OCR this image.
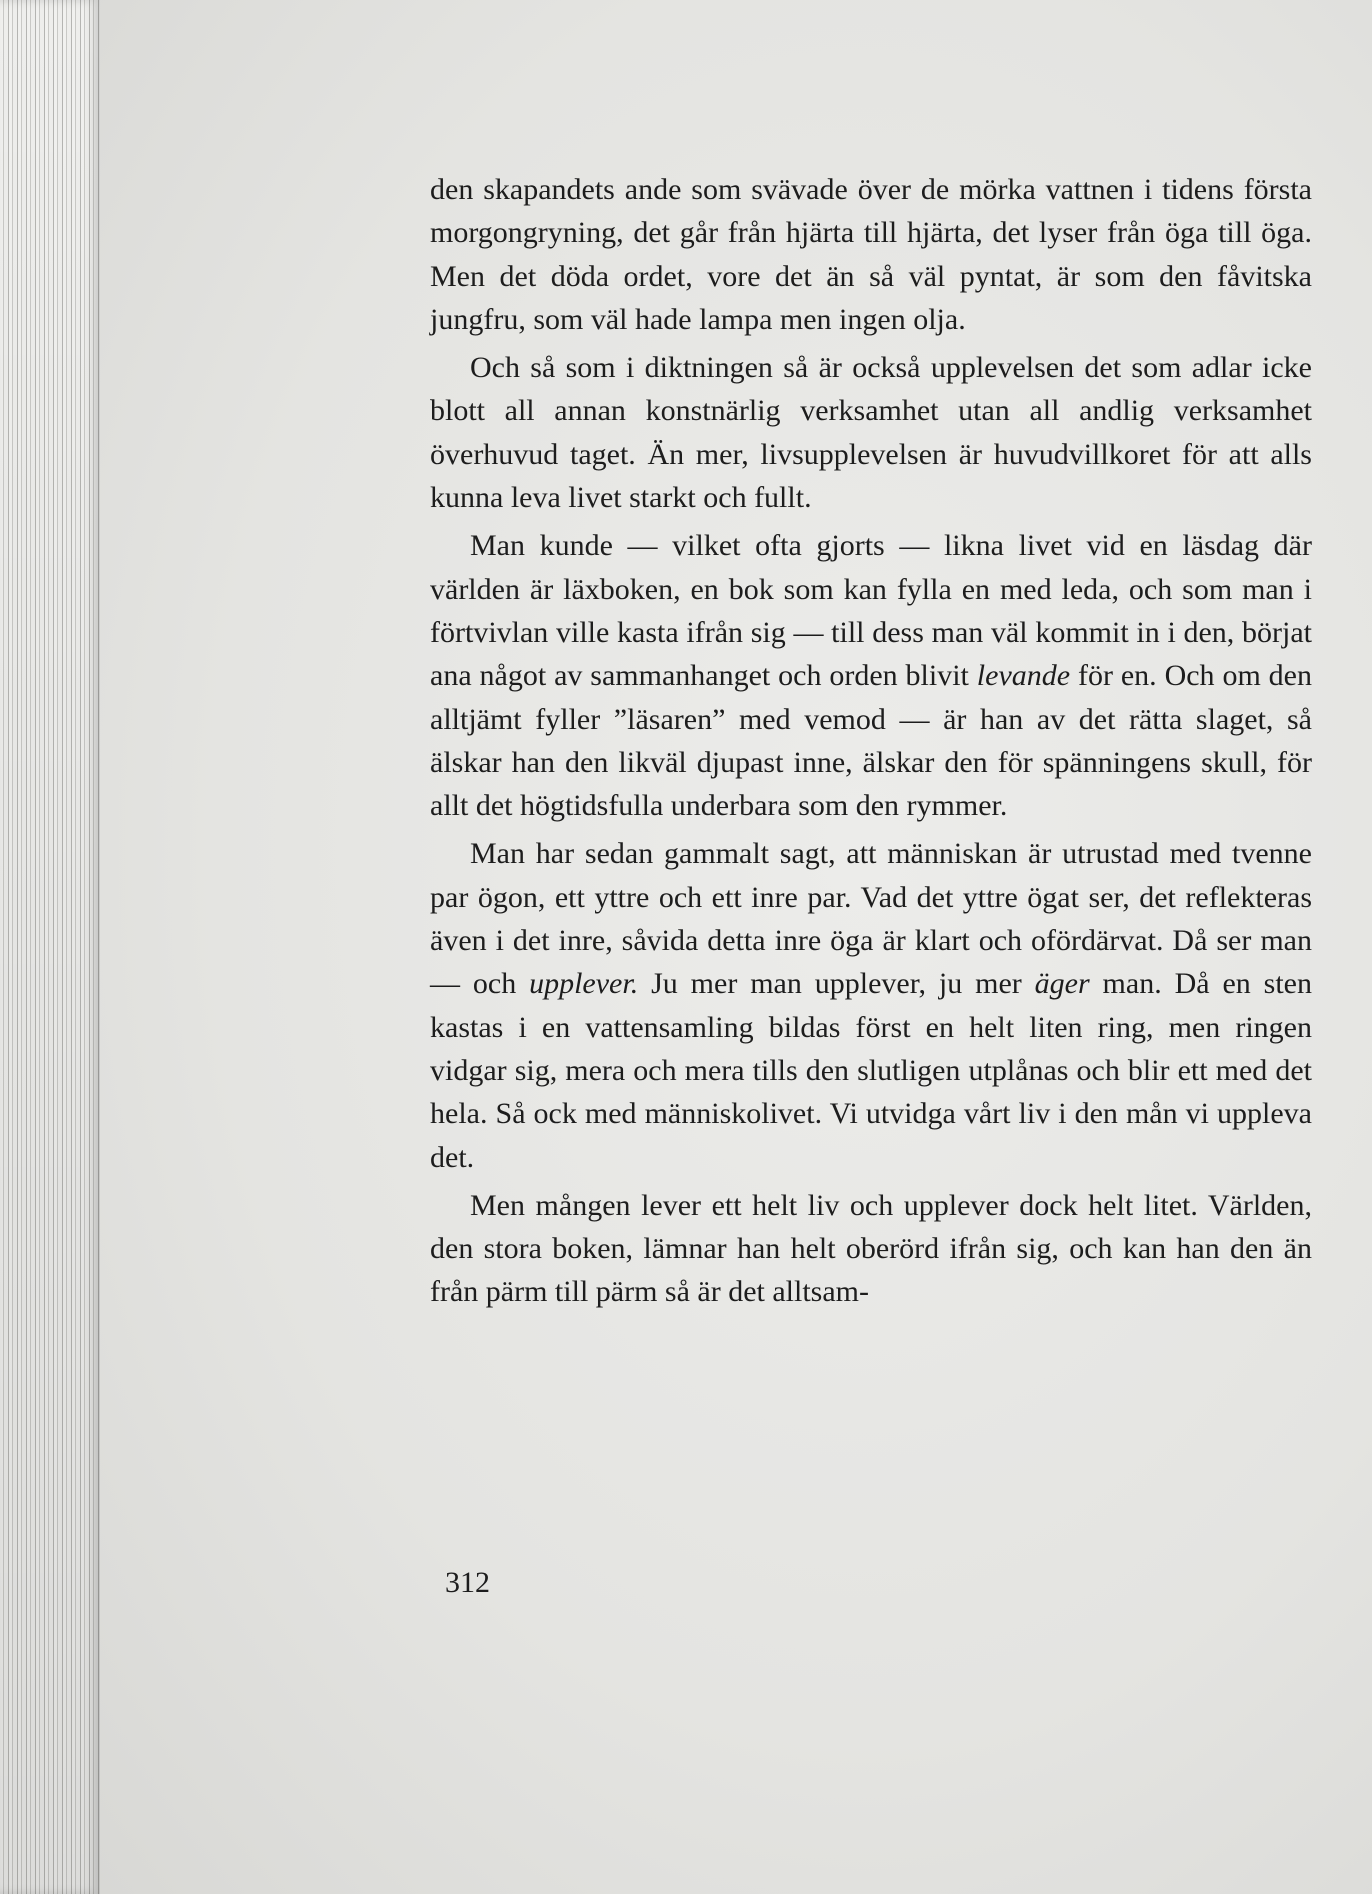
den skapandets ande som svävade över de mörka vattnen i tidens första morgongryning, det går från hjärta till hjärta, det lyser från öga till öga. Men det döda ordet, vore det än så väl pyntat, är som den fåvitska jungfru, som väl hade lampa men ingen olja.

Och så som i diktningen så är också upplevelsen det som adlar icke blott all annan konstnärlig verksamhet utan all andlig verksamhet överhuvud taget. Än mer, livsupplevelsen är huvudvillkoret för att alls kunna leva livet starkt och fullt.

Man kunde — vilket ofta gjorts — likna livet vid en läsdag där världen är läxboken, en bok som kan fylla en med leda, och som man i förtvivlan ville kasta ifrån sig — till dess man väl kommit in i den, börjat ana något av sammanhanget och orden blivit levande för en. Och om den alltjämt fyller ”läsaren” med vemod — är han av det rätta slaget, så älskar han den likväl djupast inne, älskar den för spänningens skull, för allt det högtidsfulla underbara som den rymmer.

Man har sedan gammalt sagt, att människan är utrustad med tvenne par ögon, ett yttre och ett inre par. Vad det yttre ögat ser, det reflekteras även i det inre, såvida detta inre öga är klart och ofördärvat. Då ser man — och upplever. Ju mer man upplever, ju mer äger man. Då en sten kastas i en vattensamling bildas först en helt liten ring, men ringen vidgar sig, mera och mera tills den slutligen utplånas och blir ett med det hela. Så ock med människolivet. Vi utvidga vårt liv i den mån vi uppleva det.

Men mången lever ett helt liv och upplever dock helt litet. Världen, den stora boken, lämnar han helt oberörd ifrån sig, och kan han den än från pärm till pärm så är det alltsam-

312
